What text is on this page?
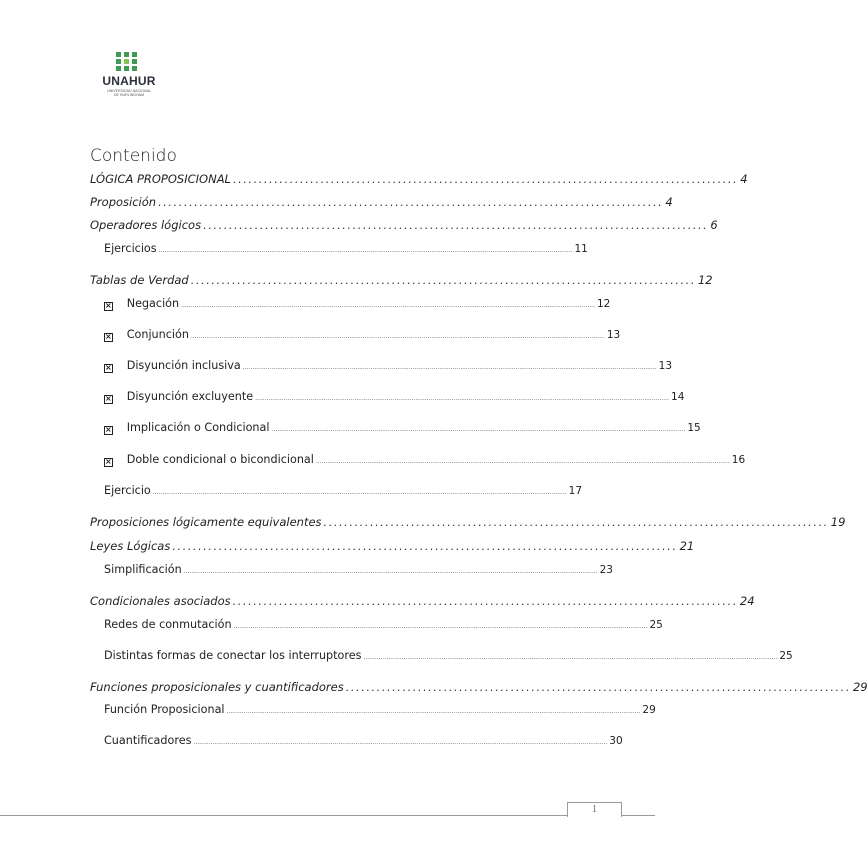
UNAHUR
UNIVERSIDAD NACIONAL
DE HURLINGHAM
Contenido
LÓGICA PROPOSICIONAL .................................................................................................. 4
Proposición .................................................................................................. 4
Operadores lógicos .................................................................................................. 6
Ejercicios ......................................................................................................................................................................................................................... 11
Tablas de Verdad .................................................................................................. 12
× Negación ......................................................................................................................................................................................................................... 12
× Conjunción ......................................................................................................................................................................................................................... 13
× Disyunción inclusiva ......................................................................................................................................................................................................................... 13
× Disyunción excluyente ......................................................................................................................................................................................................................... 14
× Implicación o Condicional ......................................................................................................................................................................................................................... 15
× Doble condicional o bicondicional ......................................................................................................................................................................................................................... 16
Ejercicio ......................................................................................................................................................................................................................... 17
Proposiciones lógicamente equivalentes .................................................................................................. 19
Leyes Lógicas .................................................................................................. 21
Simplificación ......................................................................................................................................................................................................................... 23
Condicionales asociados .................................................................................................. 24
Redes de conmutación ......................................................................................................................................................................................................................... 25
Distintas formas de conectar los interruptores ......................................................................................................................................................................................................................... 25
Funciones proposicionales y cuantificadores .................................................................................................. 29
Función Proposicional ......................................................................................................................................................................................................................... 29
Cuantificadores ......................................................................................................................................................................................................................... 30
1
